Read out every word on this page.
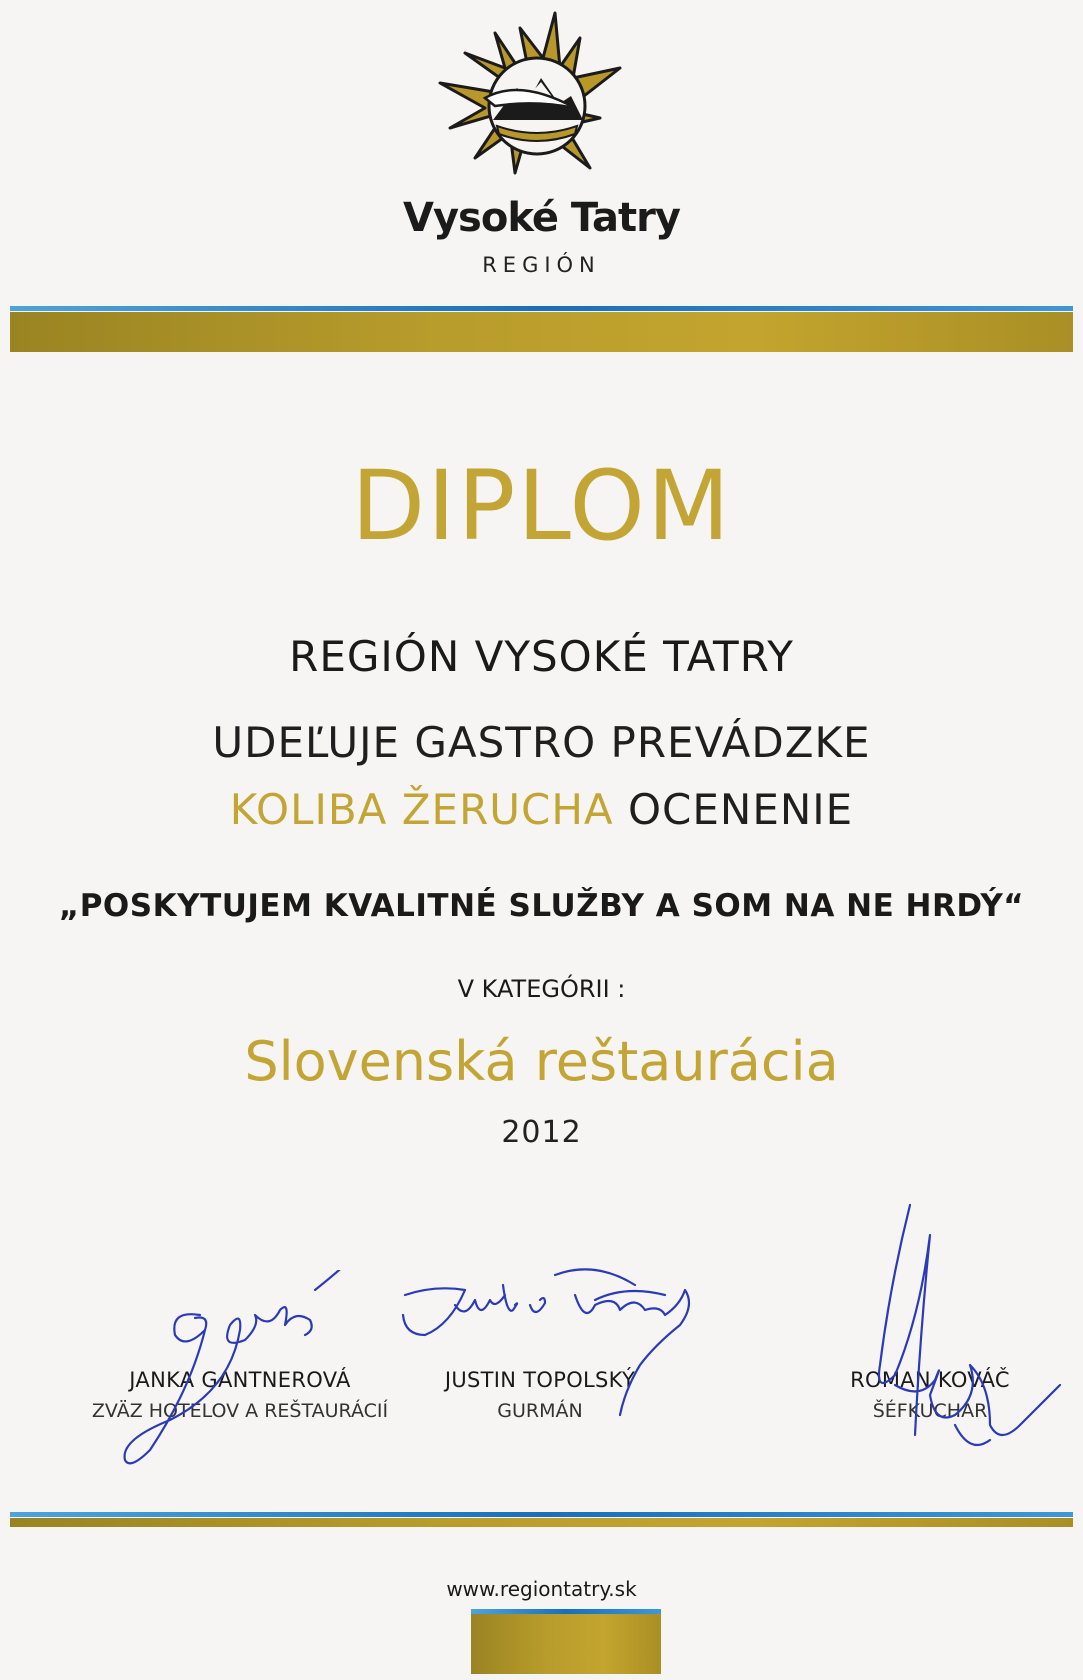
Vysoké Tatry
REGIÓN
DIPLOM
REGIÓN VYSOKÉ TATRY
UDEĽUJE GASTRO PREVÁDZKE
KOLIBA ŽERUCHA OCENENIE
„POSKYTUJEM KVALITNÉ SLUŽBY A SOM NA NE HRDÝ“
V KATEGÓRII :
Slovenská reštaurácia
2012
JANKA GANTNEROVÁ
ZVÄZ HOTELOV A REŠTAURÁCIÍ
JUSTIN TOPOLSKÝ
GURMÁN
ROMAN KOVÁČ
ŠÉFKUCHÁR
www.regiontatry.sk
